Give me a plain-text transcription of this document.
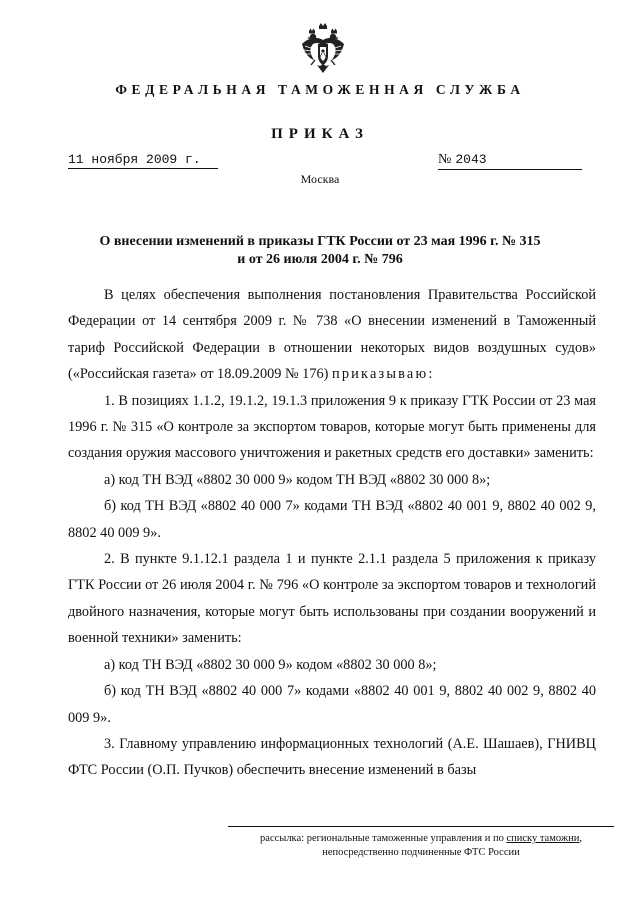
ФЕДЕРАЛЬНАЯ ТАМОЖЕННАЯ СЛУЖБА
ПРИКАЗ
11 ноября 2009 г.	№ 2043
Москва
О внесении изменений в приказы ГТК России от 23 мая 1996 г. № 315
и от 26 июля 2004 г. № 796

В целях обеспечения выполнения постановления Правительства Российской Федерации от 14 сентября 2009 г. № 738 «О внесении изменений в Таможенный тариф Российской Федерации в отношении некоторых видов воздушных судов» («Российская газета» от 18.09.2009 № 176) приказываю:

1. В позициях 1.1.2, 19.1.2, 19.1.3 приложения 9 к приказу ГТК России от 23 мая 1996 г. № 315 «О контроле за экспортом товаров, которые могут быть применены для создания оружия массового уничтожения и ракетных средств его доставки» заменить:

а) код ТН ВЭД «8802 30 000 9» кодом ТН ВЭД «8802 30 000 8»;

б) код ТН ВЭД «8802 40 000 7» кодами ТН ВЭД «8802 40 001 9, 8802 40 002 9, 8802 40 009 9».

2. В пункте 9.1.12.1 раздела 1 и пункте 2.1.1 раздела 5 приложения к приказу ГТК России от 26 июля 2004 г. № 796 «О контроле за экспортом товаров и технологий двойного назначения, которые могут быть использованы при создании вооружений и военной техники» заменить:

а) код ТН ВЭД «8802 30 000 9» кодом «8802 30 000 8»;

б) код ТН ВЭД «8802 40 000 7» кодами «8802 40 001 9, 8802 40 002 9, 8802 40 009 9».

3. Главному управлению информационных технологий (А.Е. Шашаев), ГНИВЦ ФТС России (О.П. Пучков) обеспечить внесение изменений в базы

рассылка: региональные таможенные управления и по списку таможни,
непосредственно подчиненные ФТС России
